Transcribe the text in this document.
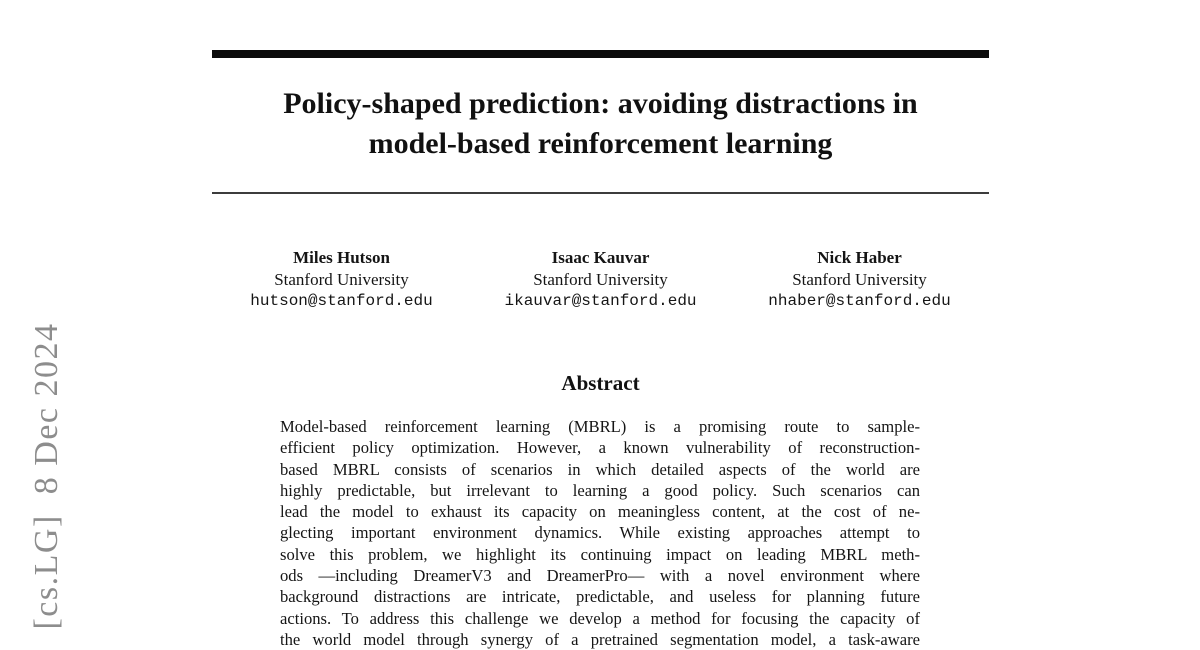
[cs.LG]  8 Dec 2024
Policy-shaped prediction: avoiding distractions in
model-based reinforcement learning
Miles Hutson
Stanford University
hutson@stanford.edu
Isaac Kauvar
Stanford University
ikauvar@stanford.edu
Nick Haber
Stanford University
nhaber@stanford.edu
Abstract
Model-based reinforcement learning (MBRL) is a promising route to sample-
efficient policy optimization. However, a known vulnerability of reconstruction-
based MBRL consists of scenarios in which detailed aspects of the world are
highly predictable, but irrelevant to learning a good policy. Such scenarios can
lead the model to exhaust its capacity on meaningless content, at the cost of ne-
glecting important environment dynamics. While existing approaches attempt to
solve this problem, we highlight its continuing impact on leading MBRL meth-
ods —including DreamerV3 and DreamerPro— with a novel environment where
background distractions are intricate, predictable, and useless for planning future
actions. To address this challenge we develop a method for focusing the capacity of
the world model through synergy of a pretrained segmentation model, a task-aware
